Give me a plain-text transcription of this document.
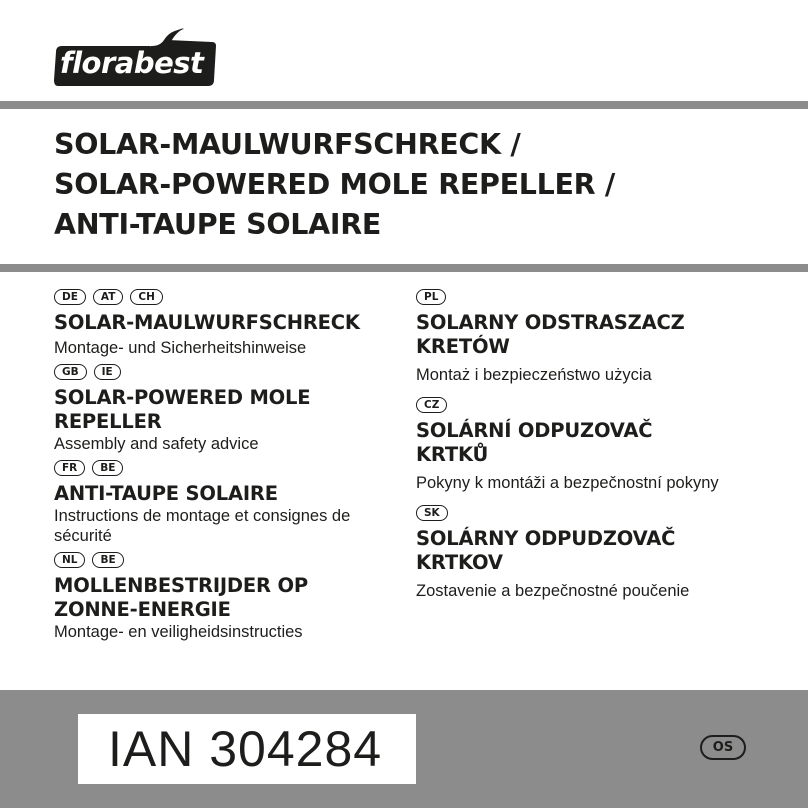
florabest
SOLAR-MAULWURFSCHRECK /
SOLAR-POWERED MOLE REPELLER /
ANTI-TAUPE SOLAIRE
DE	AT	CH
SOLAR-MAULWURFSCHRECK
Montage- und Sicherheitshinweise
GB	IE
SOLAR-POWERED MOLE
REPELLER
Assembly and safety advice
FR	BE
ANTI-TAUPE SOLAIRE
Instructions de montage et consignes de
sécurité
NL	BE
MOLLENBESTRIJDER OP
ZONNE-ENERGIE
Montage- en veiligheidsinstructies
PL
SOLARNY ODSTRASZACZ
KRETÓW
Montaż i bezpieczeństwo użycia
CZ
SOLÁRNÍ ODPUZOVAČ
KRTKŮ
Pokyny k montáži a bezpečnostní pokyny
SK
SOLÁRNY ODPUDZOVAČ
KRTKOV
Zostavenie a bezpečnostné poučenie
IAN 304284	OS
